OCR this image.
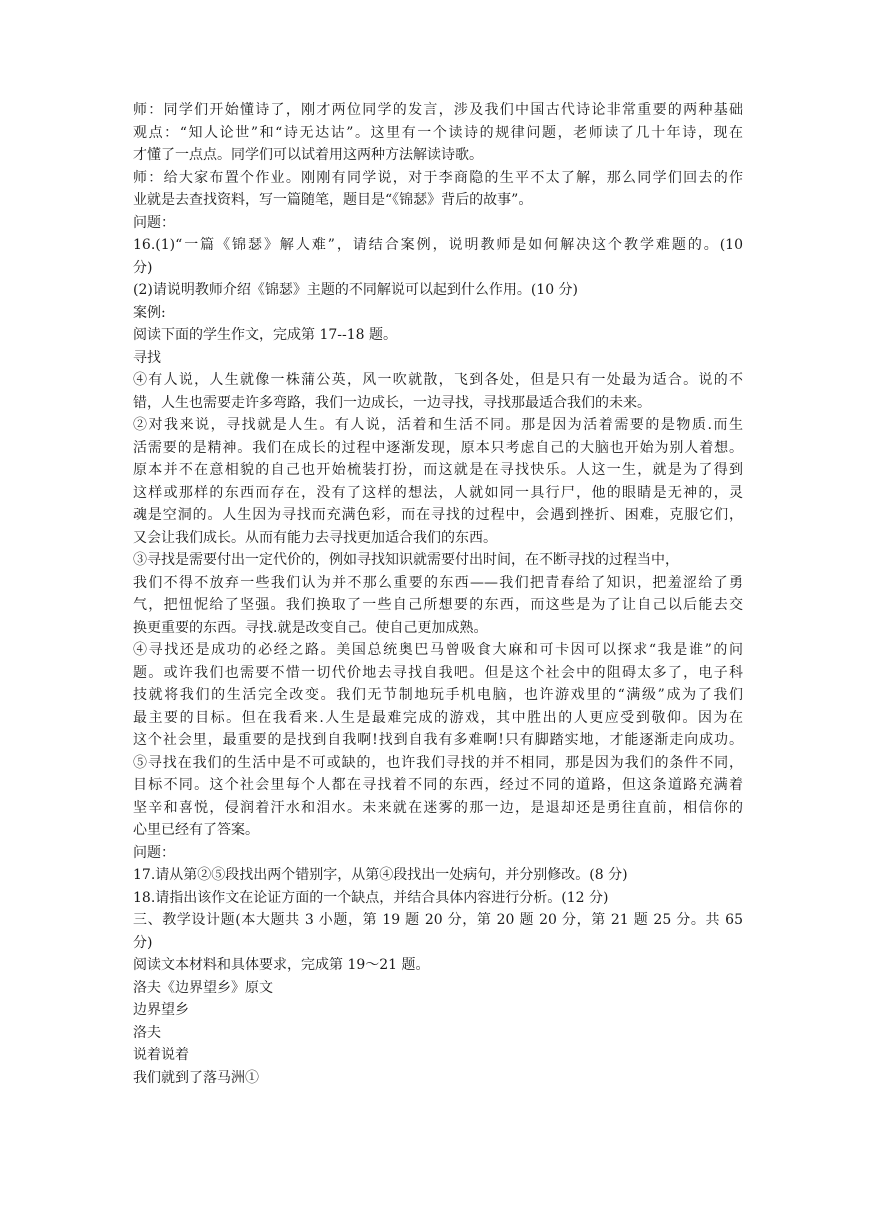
师：同学们开始懂诗了，刚才两位同学的发言，涉及我们中国古代诗论非常重要的两种基础
观点：“知人论世”和“诗无达诂”。这里有一个读诗的规律问题，老师读了几十年诗，现在
才懂了一点点。同学们可以试着用这两种方法解读诗歌。
师：给大家布置个作业。刚刚有同学说，对于李商隐的生平不太了解，那么同学们回去的作
业就是去查找资料，写一篇随笔，题目是“《锦瑟》背后的故事”。
问题：
16.(1)“一篇《锦瑟》解人难”，请结合案例，说明教师是如何解决这个教学难题的。(10
分)
(2)请说明教师介绍《锦瑟》主题的不同解说可以起到什么作用。(10 分)
案例:
阅读下面的学生作文，完成第 17--18 题。
寻找
④有人说，人生就像一株蒲公英，风一吹就散，飞到各处，但是只有一处最为适合。说的不
错，人生也需要走许多弯路，我们一边成长，一边寻找，寻找那最适合我们的未来。
②对我来说，寻找就是人生。有人说，活着和生活不同。那是因为活着需要的是物质.而生
活需要的是精神。我们在成长的过程中逐渐发现，原本只考虑自己的大脑也开始为别人着想。
原本并不在意相貌的自己也开始梳装打扮，而这就是在寻找快乐。人这一生，就是为了得到
这样或那样的东西而存在，没有了这样的想法，人就如同一具行尸，他的眼睛是无神的，灵
魂是空洞的。人生因为寻找而充满色彩，而在寻找的过程中，会遇到挫折、困难，克服它们，
又会让我们成长。从而有能力去寻找更加适合我们的东西。
③寻找是需要付出一定代价的，例如寻找知识就需要付出时间，在不断寻找的过程当中，
我们不得不放弃一些我们认为并不那么重要的东西——我们把青春给了知识，把羞涩给了勇
气，把忸怩给了坚强。我们换取了一些自己所想要的东西，而这些是为了让自己以后能去交
换更重要的东西。寻找.就是改变自己。使自己更加成熟。
④寻找还是成功的必经之路。美国总统奥巴马曾吸食大麻和可卡因可以探求“我是谁”的问
题。或许我们也需要不惜一切代价地去寻找自我吧。但是这个社会中的阻碍太多了，电子科
技就将我们的生活完全改变。我们无节制地玩手机电脑，也许游戏里的“满级”成为了我们
最主要的目标。但在我看来.人生是最难完成的游戏，其中胜出的人更应受到敬仰。因为在
这个社会里，最重要的是找到自我啊!找到自我有多难啊!只有脚踏实地，才能逐渐走向成功。
⑤寻找在我们的生活中是不可或缺的，也许我们寻找的并不相同，那是因为我们的条件不同，
目标不同。这个社会里每个人都在寻找着不同的东西，经过不同的道路，但这条道路充满着
坚辛和喜悦，侵润着汗水和泪水。未来就在迷雾的那一边，是退却还是勇往直前，相信你的
心里已经有了答案。
问题：
17.请从第②⑤段找出两个错别字，从第④段找出一处病句，并分别修改。(8 分)
18.请指出该作文在论证方面的一个缺点，并结合具体内容进行分析。(12 分)
三、教学设计题(本大题共 3 小题，第 19 题 20 分，第 20 题 20 分，第 21 题 25 分。共 65
分)
阅读文本材料和具体要求，完成第 19～21 题。
洛夫《边界望乡》原文
边界望乡
洛夫
说着说着
我们就到了落马洲①
